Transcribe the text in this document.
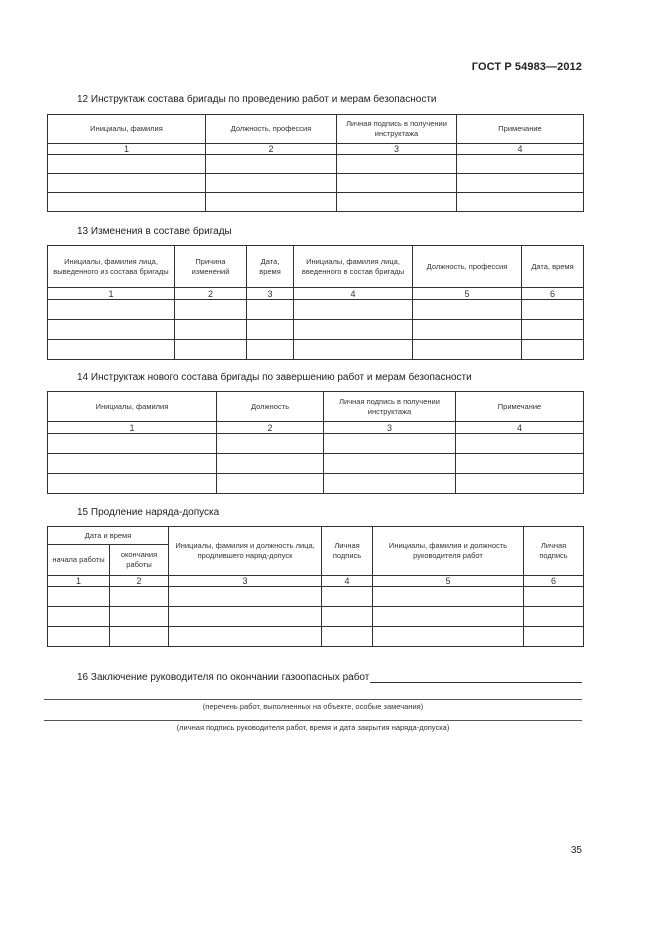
ГОСТ Р 54983—2012
12 Инструктаж состава бригады по проведению работ и мерам безопасности
Инициалы, фамилия	Должность, профессия	Личная подпись в получении инструктажа	Примечание
1	2	3	4

13 Изменения в составе бригады
Инициалы, фамилия лица, выведенного из состава бригады	Причина изменений	Дата, время	Инициалы, фамилия лица, введенного в состав бригады	Должность, профессия	Дата, время
1	2	3	4	5	6

14 Инструктаж нового состава бригады по завершению работ и мерам безопасности
Инициалы, фамилия	Должность	Личная подпись в получении инструктажа	Примечание
1	2	3	4

15 Продление наряда-допуска
Дата и время		Инициалы, фамилия и должность лица, продлившего наряд-допуск	Личная подпись	Инициалы, фамилия и должность руководителя работ	Личная подпись
начала работы	окончания работы				
1	2	3	4	5	6

16 Заключение руководителя по окончании газоопасных работ
(перечень работ, выполненных на объекте, особые замечания)
(личная подпись руководителя работ, время и дата закрытия наряда-допуска)
35
